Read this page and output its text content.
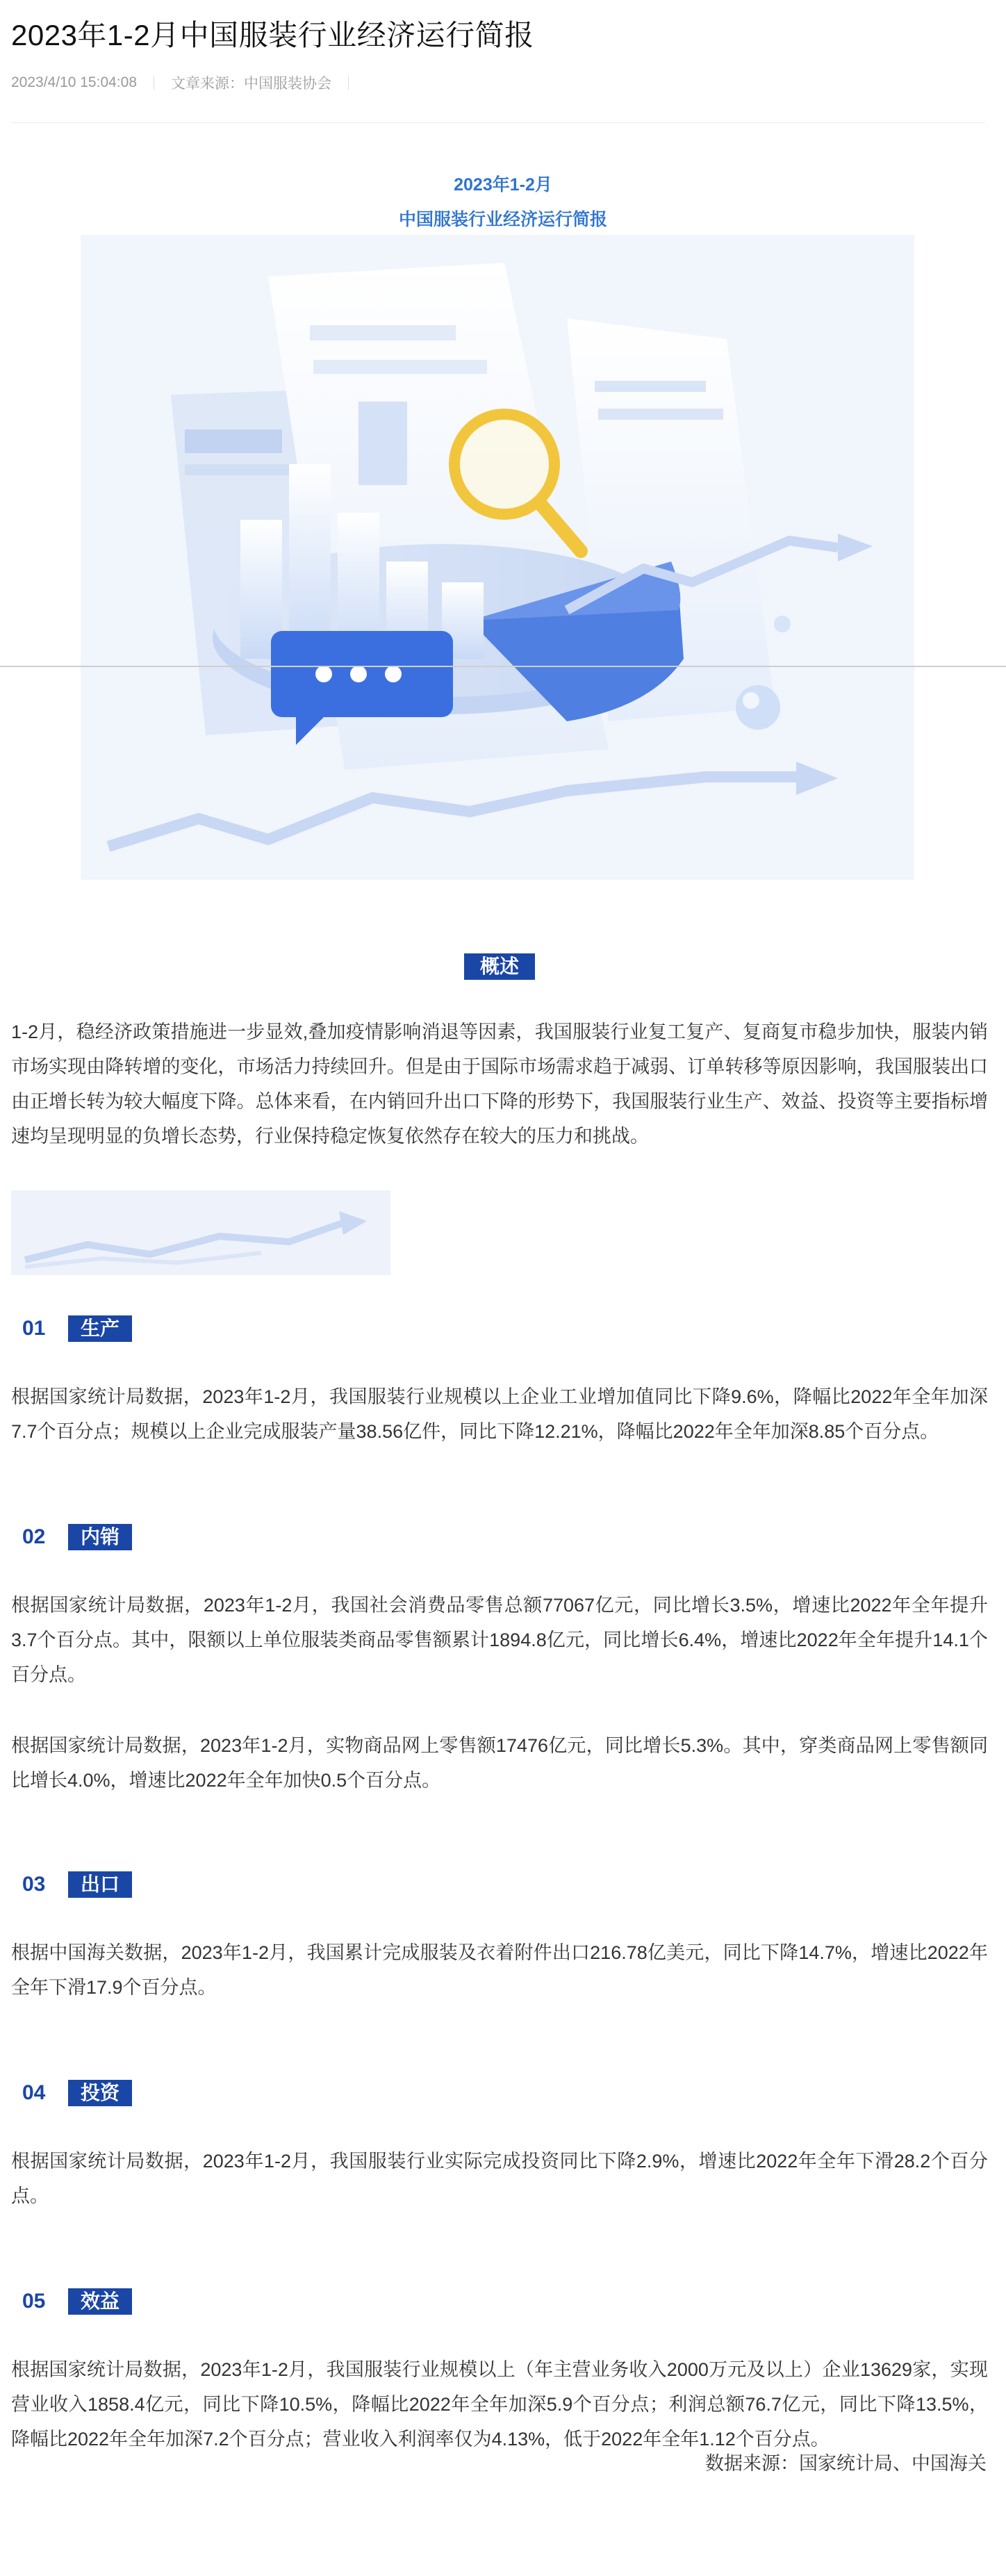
2023年1-2月中国服装行业经济运行简报
2023/4/10 15:04:08 文章来源：中国服装协会
2023年1-2月
中国服装行业经济运行简报
概述

1-2月，稳经济政策措施进一步显效,叠加疫情影响消退等因素，我国服装行业复工复产、复商复市稳步加快，服装内销市场实现由降转增的变化，市场活力持续回升。但是由于国际市场需求趋于减弱、订单转移等原因影响，我国服装出口由正增长转为较大幅度下降。总体来看，在内销回升出口下降的形势下，我国服装行业生产、效益、投资等主要指标增速均呈现明显的负增长态势，行业保持稳定恢复依然存在较大的压力和挑战。

01	生产

根据国家统计局数据，2023年1-2月，我国服装行业规模以上企业工业增加值同比下降9.6%，降幅比2022年全年加深7.7个百分点；规模以上企业完成服装产量38.56亿件，同比下降12.21%，降幅比2022年全年加深8.85个百分点。

02	内销

根据国家统计局数据，2023年1-2月，我国社会消费品零售总额77067亿元，同比增长3.5%，增速比2022年全年提升3.7个百分点。其中，限额以上单位服装类商品零售额累计1894.8亿元，同比增长6.4%，增速比2022年全年提升14.1个百分点。

根据国家统计局数据，2023年1-2月，实物商品网上零售额17476亿元，同比增长5.3%。其中，穿类商品网上零售额同比增长4.0%，增速比2022年全年加快0.5个百分点。

03	出口

根据中国海关数据，2023年1-2月，我国累计完成服装及衣着附件出口216.78亿美元，同比下降14.7%，增速比2022年全年下滑17.9个百分点。

04	投资

根据国家统计局数据，2023年1-2月，我国服装行业实际完成投资同比下降2.9%，增速比2022年全年下滑28.2个百分点。

05	效益

根据国家统计局数据，2023年1-2月，我国服装行业规模以上（年主营业务收入2000万元及以上）企业13629家，实现营业收入1858.4亿元，同比下降10.5%，降幅比2022年全年加深5.9个百分点；利润总额76.7亿元，同比下降13.5%，降幅比2022年全年加深7.2个百分点；营业收入利润率仅为4.13%，低于2022年全年1.12个百分点。

数据来源：国家统计局、中国海关
